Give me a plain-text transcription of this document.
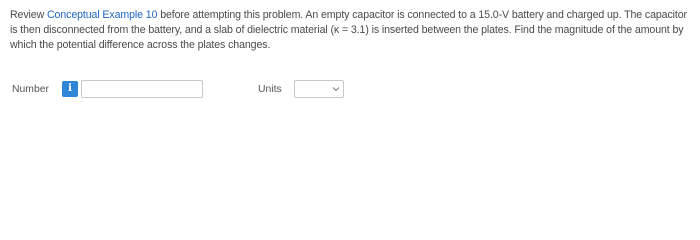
Review Conceptual Example 10 before attempting this problem. An empty capacitor is connected to a 15.0-V battery and charged up. The capacitor is then disconnected from the battery, and a slab of dielectric material (κ = 3.1) is inserted between the plates. Find the magnitude of the amount by which the potential difference across the plates changes.
Number	i	Units
